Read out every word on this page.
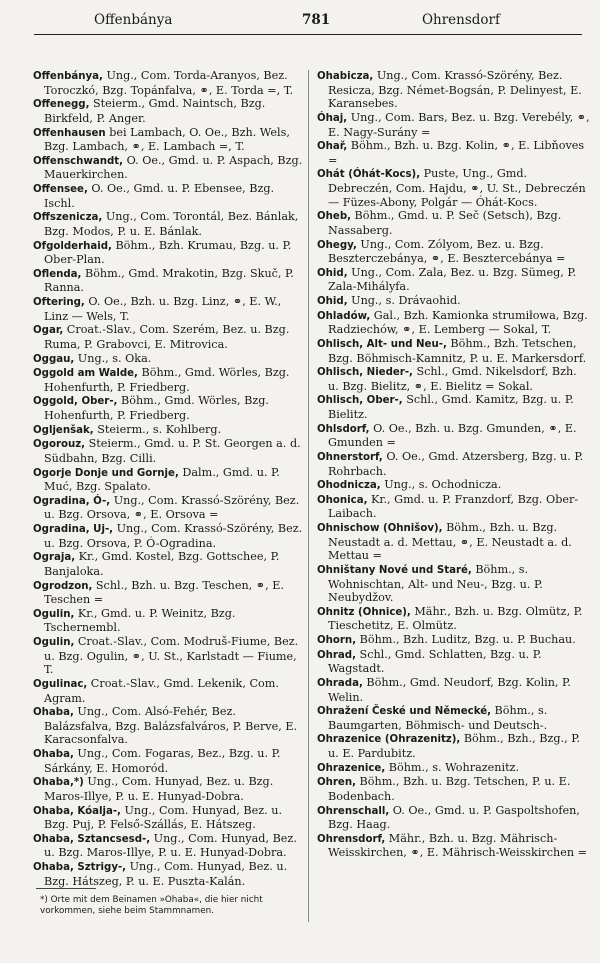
Offenbánya	781	Ohrensdorf

Offenbánya, Ung., Com. Torda-Aranyos, Bez. Toroczkó, Bzg. Topánfalva, ⚭, E. Torda =, T.

Offenegg, Steierm., Gmd. Naintsch, Bzg. Birkfeld, P. Anger.

Offenhausen bei Lambach, O. Oe., Bzh. Wels, Bzg. Lambach, ⚭, E. Lambach =, T.

Offenschwandt, O. Oe., Gmd. u. P. Aspach, Bzg. Mauerkirchen.

Offensee, O. Oe., Gmd. u. P. Ebensee, Bzg. Ischl.

Offszenicza, Ung., Com. Torontál, Bez. Bánlak, Bzg. Modos, P. u. E. Bánlak.

Ofgolderhaid, Böhm., Bzh. Krumau, Bzg. u. P. Ober-Plan.

Oflenda, Böhm., Gmd. Mrakotin, Bzg. Skuč, P. Ranna.

Oftering, O. Oe., Bzh. u. Bzg. Linz, ⚭, E. W., Linz — Wels, T.

Ogar, Croat.-Slav., Com. Szerém, Bez. u. Bzg. Ruma, P. Grabovci, E. Mitrovica.

Oggau, Ung., s. Oka.

Oggold am Walde, Böhm., Gmd. Wörles, Bzg. Hohenfurth, P. Friedberg.

Oggold, Ober-, Böhm., Gmd. Wörles, Bzg. Hohenfurth, P. Friedberg.

Ogljenšak, Steierm., s. Kohlberg.

Ogorouz, Steierm., Gmd. u. P. St. Georgen a. d. Südbahn, Bzg. Cilli.

Ogorje Donje und Gornje, Dalm., Gmd. u. P. Muć, Bzg. Spalato.

Ogradina, Ó-, Ung., Com. Krassó-Szörény, Bez. u. Bzg. Orsova, ⚭, E. Orsova =

Ogradina, Uj-, Ung., Com. Krassó-Szörény, Bez. u. Bzg. Orsova, P. Ó-Ogradina.

Ograja, Kr., Gmd. Kostel, Bzg. Gottschee, P. Banjaloka.

Ogrodzon, Schl., Bzh. u. Bzg. Teschen, ⚭, E. Teschen =

Ogulin, Kr., Gmd. u. P. Weinitz, Bzg. Tschernembl.

Ogulin, Croat.-Slav., Com. Modruš-Fiume, Bez. u. Bzg. Ogulin, ⚭, U. St., Karlstadt — Fiume, T.

Ogulinac, Croat.-Slav., Gmd. Lekenik, Com. Agram.

Ohaba, Ung., Com. Alsó-Fehér, Bez. Balázsfalva, Bzg. Balázsfalváros, P. Berve, E. Karacsonfalva.

Ohaba, Ung., Com. Fogaras, Bez., Bzg. u. P. Sárkány, E. Homoród.

Ohaba,*) Ung., Com. Hunyad, Bez. u. Bzg. Maros-Illye, P. u. E. Hunyad-Dobra.

Ohaba, Kóalja-, Ung., Com. Hunyad, Bez. u. Bzg. Puj, P. Felső-Szállás, E. Hátszeg.

Ohaba, Sztancsesd-, Ung., Com. Hunyad, Bez. u. Bzg. Maros-Illye, P. u. E. Hunyad-Dobra.

Ohaba, Sztrigy-, Ung., Com. Hunyad, Bez. u. Bzg. Hátszeg, P. u. E. Puszta-Kalán.

Ohabicza, Ung., Com. Krassó-Szörény, Bez. Resicza, Bzg. Német-Bogsán, P. Delinyest, E. Karansebes.

Óhaj, Ung., Com. Bars, Bez. u. Bzg. Verebély, ⚭, E. Nagy-Surány =

Ohař, Böhm., Bzh. u. Bzg. Kolin, ⚭, E. Libňoves =

Ohát (Óhát-Kocs), Puste, Ung., Gmd. Debreczén, Com. Hajdu, ⚭, U. St., Debreczén — Füzes-Abony, Polgár — Óhát-Kocs.

Oheb, Böhm., Gmd. u. P. Seč (Setsch), Bzg. Nassaberg.

Ohegy, Ung., Com. Zólyom, Bez. u. Bzg. Beszterczebánya, ⚭, E. Besztercebánya =

Ohid, Ung., Com. Zala, Bez. u. Bzg. Sümeg, P. Zala-Mihályfa.

Ohid, Ung., s. Drávaohid.

Ohladów, Gal., Bzh. Kamionka strumiłowa, Bzg. Radziechów, ⚭, E. Lemberg — Sokal, T.

Ohlisch, Alt- und Neu-, Böhm., Bzh. Tetschen, Bzg. Böhmisch-Kamnitz, P. u. E. Markersdorf.

Ohlisch, Nieder-, Schl., Gmd. Nikelsdorf, Bzh. u. Bzg. Bielitz, ⚭, E. Bielitz = Sokal.

Ohlisch, Ober-, Schl., Gmd. Kamitz, Bzg. u. P. Bielitz.

Ohlsdorf, O. Oe., Bzh. u. Bzg. Gmunden, ⚭, E. Gmunden =

Ohnerstorf, O. Oe., Gmd. Atzersberg, Bzg. u. P. Rohrbach.

Ohodnicza, Ung., s. Ochodnicza.

Ohonica, Kr., Gmd. u. P. Franzdorf, Bzg. Ober-Laibach.

Ohnischow (Ohnišov), Böhm., Bzh. u. Bzg. Neustadt a. d. Mettau, ⚭, E. Neustadt a. d. Mettau =

Ohništany Nové und Staré, Böhm., s. Wohnischtan, Alt- und Neu-, Bzg. u. P. Neubydžov.

Ohnitz (Ohnice), Mähr., Bzh. u. Bzg. Olmütz, P. Tieschetitz, E. Olmütz.

Ohorn, Böhm., Bzh. Luditz, Bzg. u. P. Buchau.

Ohrad, Schl., Gmd. Schlatten, Bzg. u. P. Wagstadt.

Ohrada, Böhm., Gmd. Neudorf, Bzg. Kolin, P. Welin.

Ohražení České und Německé, Böhm., s. Baumgarten, Böhmisch- und Deutsch-.

Ohrazenice (Ohrazenitz), Böhm., Bzh., Bzg., P. u. E. Pardubitz.

Ohrazenice, Böhm., s. Wohrazenitz.

Ohren, Böhm., Bzh. u. Bzg. Tetschen, P. u. E. Bodenbach.

Ohrenschall, O. Oe., Gmd. u. P. Gaspoltshofen, Bzg. Haag.

Ohrensdorf, Mähr., Bzh. u. Bzg. Mährisch-Weisskirchen, ⚭, E. Mährisch-Weisskirchen =

*) Orte mit dem Beinamen »Ohaba«, die hier nicht vorkommen, siehe beim Stammnamen.
